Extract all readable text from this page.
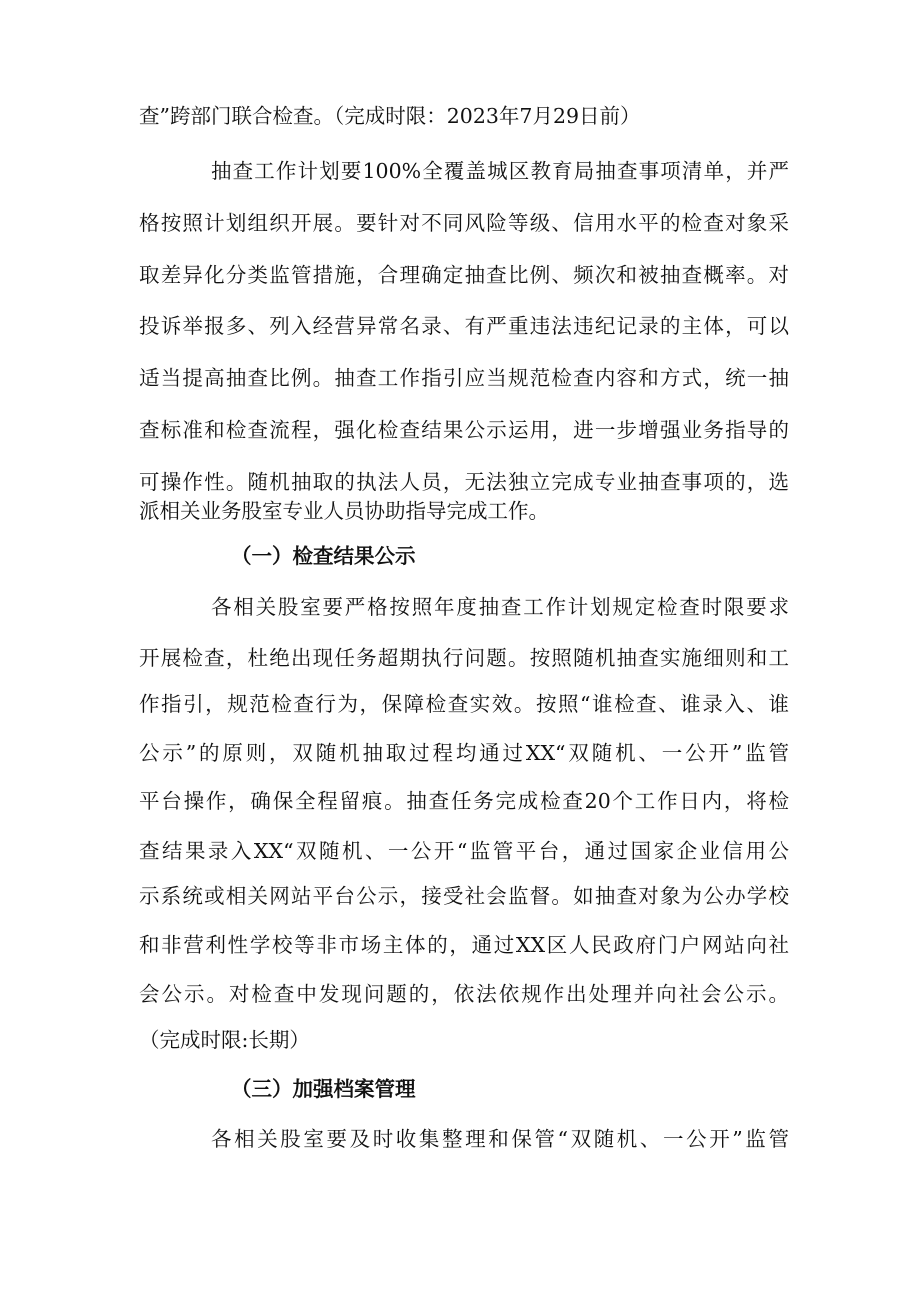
查”跨部门联合检查。（完成时限：2023年7月29日前）
抽查工作计划要100%全覆盖城区教育局抽查事项清单，并严
格按照计划组织开展。要针对不同风险等级、信用水平的检查对象采
取差异化分类监管措施，合理确定抽查比例、频次和被抽查概率。对
投诉举报多、列入经营异常名录、有严重违法违纪记录的主体，可以
适当提高抽查比例。抽查工作指引应当规范检查内容和方式，统一抽
查标准和检查流程，强化检查结果公示运用，进一步增强业务指导的
可操作性。随机抽取的执法人员，无法独立完成专业抽查事项的，选
派相关业务股室专业人员协助指导完成工作。
（一）检查结果公示
各相关股室要严格按照年度抽查工作计划规定检查时限要求
开展检查，杜绝出现任务超期执行问题。按照随机抽查实施细则和工
作指引，规范检查行为，保障检查实效。按照“谁检查、谁录入、谁
公示”的原则，双随机抽取过程均通过XX“双随机、一公开”监管
平台操作，确保全程留痕。抽查任务完成检查20个工作日内，将检
查结果录入XX“双随机、一公开“监管平台，通过国家企业信用公
示系统或相关网站平台公示，接受社会监督。如抽查对象为公办学校
和非营利性学校等非市场主体的，通过XX区人民政府门户网站向社
会公示。对检查中发现问题的，依法依规作出处理并向社会公示。
（完成时限:长期）
（三）加强档案管理
各相关股室要及时收集整理和保管“双随机、一公开”监管
